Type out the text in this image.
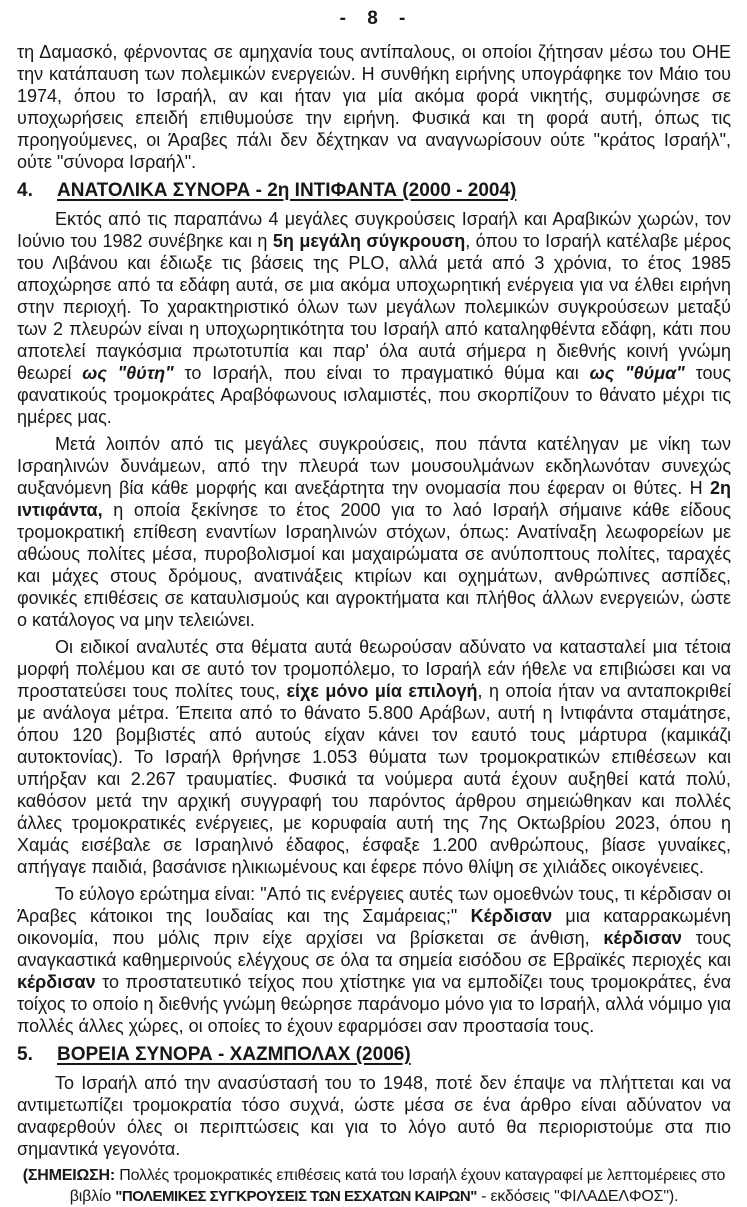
- 8 -

τη Δαμασκό, φέρνοντας σε αμηχανία τους αντίπαλους, οι οποίοι ζήτησαν μέσω του ΟΗΕ την κατάπαυση των πολεμικών ενεργειών. Η συνθήκη ειρήνης υπογράφηκε τον Μάιο του 1974, όπου το Ισραήλ, αν και ήταν για μία ακόμα φορά νικητής, συμφώνησε σε υποχωρήσεις επειδή επιθυμούσε την ειρήνη. Φυσικά και τη φορά αυτή, όπως τις προηγούμενες, οι Άραβες πάλι δεν δέχτηκαν να αναγνωρίσουν ούτε "κράτος Ισραήλ", ούτε "σύνορα Ισραήλ".

4.	ΑΝΑΤΟΛΙΚΑ ΣΥΝΟΡΑ - 2η ΙΝΤΙΦΑΝΤΑ (2000 - 2004)

Εκτός από τις παραπάνω 4 μεγάλες συγκρούσεις Ισραήλ και Αραβικών χωρών, τον Ιούνιο του 1982 συνέβηκε και η 5η μεγάλη σύγκρουση, όπου το Ισραήλ κατέλαβε μέρος του Λιβάνου και έδιωξε τις βάσεις της PLO, αλλά μετά από 3 χρόνια, το έτος 1985 αποχώρησε από τα εδάφη αυτά, σε μια ακόμα υποχωρητική ενέργεια για να έλθει ειρήνη στην περιοχή. Το χαρακτηριστικό όλων των μεγάλων πολεμικών συγκρούσεων μεταξύ των 2 πλευρών είναι η υποχωρητικότητα του Ισραήλ από καταληφθέντα εδάφη, κάτι που αποτελεί παγκόσμια πρωτοτυπία και παρ' όλα αυτά σήμερα η διεθνής κοινή γνώμη θεωρεί ως "θύτη" το Ισραήλ, που είναι το πραγματικό θύμα και ως "θύμα" τους φανατικούς τρομοκράτες Αραβόφωνους ισλαμιστές, που σκορπίζουν το θάνατο μέχρι τις ημέρες μας.

Μετά λοιπόν από τις μεγάλες συγκρούσεις, που πάντα κατέληγαν με νίκη των Ισραηλινών δυνάμεων, από την πλευρά των μουσουλμάνων εκδηλωνόταν συνεχώς αυξανόμενη βία κάθε μορφής και ανεξάρτητα την ονομασία που έφεραν οι θύτες. Η 2η ιντιφάντα, η οποία ξεκίνησε το έτος 2000 για το λαό Ισραήλ σήμαινε κάθε είδους τρομοκρατική επίθεση εναντίων Ισραηλινών στόχων, όπως: Ανατίναξη λεωφορείων με αθώους πολίτες μέσα, πυροβολισμοί και μαχαιρώματα σε ανύποπτους πολίτες, ταραχές και μάχες στους δρόμους, ανατινάξεις κτιρίων και οχημάτων, ανθρώπινες ασπίδες, φονικές επιθέσεις σε καταυλισμούς και αγροκτήματα και πλήθος άλλων ενεργειών, ώστε ο κατάλογος να μην τελειώνει.

Οι ειδικοί αναλυτές στα θέματα αυτά θεωρούσαν αδύνατο να κατασταλεί μια τέτοια μορφή πολέμου και σε αυτό τον τρομοπόλεμο, το Ισραήλ εάν ήθελε να επιβιώσει και να προστατεύσει τους πολίτες τους, είχε μόνο μία επιλογή, η οποία ήταν να ανταποκριθεί με ανάλογα μέτρα. Έπειτα από το θάνατο 5.800 Αράβων, αυτή η Ιντιφάντα σταμάτησε, όπου 120 βομβιστές από αυτούς είχαν κάνει τον εαυτό τους μάρτυρα (καμικάζι αυτοκτονίας). Το Ισραήλ θρήνησε 1.053 θύματα των τρομοκρατικών επιθέσεων και υπήρξαν και 2.267 τραυματίες. Φυσικά τα νούμερα αυτά έχουν αυξηθεί κατά πολύ, καθόσον μετά την αρχική συγγραφή του παρόντος άρθρου σημειώθηκαν και πολλές άλλες τρομοκρατικές ενέργειες, με κορυφαία αυτή της 7ης Οκτωβρίου 2023, όπου η Χαμάς εισέβαλε σε Ισραηλινό έδαφος, έσφαξε 1.200 ανθρώπους, βίασε γυναίκες, απήγαγε παιδιά, βασάνισε ηλικιωμένους και έφερε πόνο θλίψη σε χιλιάδες οικογένειες.

Το εύλογο ερώτημα είναι: "Από τις ενέργειες αυτές των ομοεθνών τους, τι κέρδισαν οι Άραβες κάτοικοι της Ιουδαίας και της Σαμάρειας;" Κέρδισαν μια καταρρακωμένη οικονομία, που μόλις πριν είχε αρχίσει να βρίσκεται σε άνθιση, κέρδισαν τους αναγκαστικά καθημερινούς ελέγχους σε όλα τα σημεία εισόδου σε Εβραϊκές περιοχές και κέρδισαν το προστατευτικό τείχος που χτίστηκε για να εμποδίζει τους τρομοκράτες, ένα τοίχος το οποίο η διεθνής γνώμη θεώρησε παράνομο μόνο για το Ισραήλ, αλλά νόμιμο για πολλές άλλες χώρες, οι οποίες το έχουν εφαρμόσει σαν προστασία τους.

5.	ΒΟΡΕΙΑ ΣΥΝΟΡΑ - ΧΑΖΜΠΟΛΑΧ (2006)

Το Ισραήλ από την ανασύστασή του το 1948, ποτέ δεν έπαψε να πλήττεται και να αντιμετωπίζει τρομοκρατία τόσο συχνά, ώστε μέσα σε ένα άρθρο είναι αδύνατον να αναφερθούν όλες οι περιπτώσεις και για το λόγο αυτό θα περιοριστούμε στα πιο σημαντικά γεγονότα.

(ΣΗΜΕΙΩΣΗ: Πολλές τρομοκρατικές επιθέσεις κατά του Ισραήλ έχουν καταγραφεί με λεπτομέρειες στο βιβλίο "ΠΟΛΕΜΙΚΕΣ ΣΥΓΚΡΟΥΣΕΙΣ ΤΩΝ ΕΣΧΑΤΩΝ ΚΑΙΡΩΝ" - εκδόσεις "ΦΙΛΑΔΕΛΦΟΣ").
